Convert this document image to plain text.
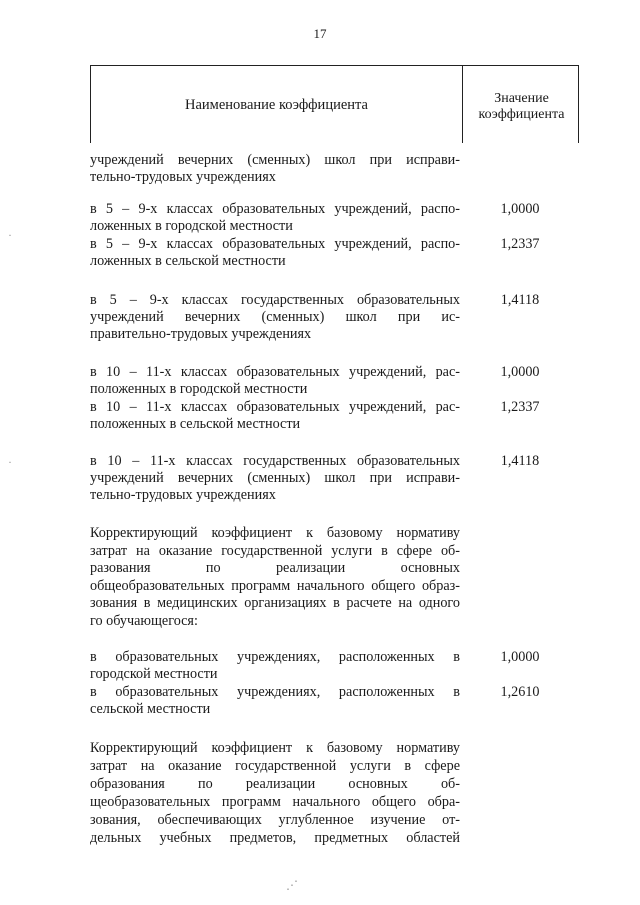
17
Наименование коэффициента	Значение
коэффициента
учреждений вечерних (сменных) школ при исправи-
тельно-трудовых учреждениях
в 5 – 9-х классах образовательных учреждений, распо-
ложенных в городской местности
1,0000
в 5 – 9-х классах образовательных учреждений, распо-
ложенных в сельской местности
1,2337
в 5 – 9-х классах государственных образовательных
учреждений вечерних (сменных) школ при ис-
правительно-трудовых учреждениях
1,4118
в 10 – 11-х классах образовательных учреждений, рас-
положенных в городской местности
1,0000
в 10 – 11-х классах образовательных учреждений, рас-
положенных в сельской местности
1,2337
в 10 – 11-х классах государственных образовательных
учреждений вечерних (сменных) школ при исправи-
тельно-трудовых учреждениях
1,4118
Корректирующий коэффициент к базовому нормативу
затрат на оказание государственной услуги в сфере об-
разования по реализации основных
общеобразовательных программ начального общего образ-
зования в медицинских организациях в расчете на одного
го обучающегося:
в образовательных учреждениях, расположенных в
городской местности
1,0000
в образовательных учреждениях, расположенных в
сельской местности
1,2610
Корректирующий коэффициент к базовому нормативу
затрат на оказание государственной услуги в сфере
образования по реализации основных об-
щеобразовательных программ начального общего обра-
зования, обеспечивающих углубленное изучение от-
дельных учебных предметов, предметных областей
·
·
⋰
